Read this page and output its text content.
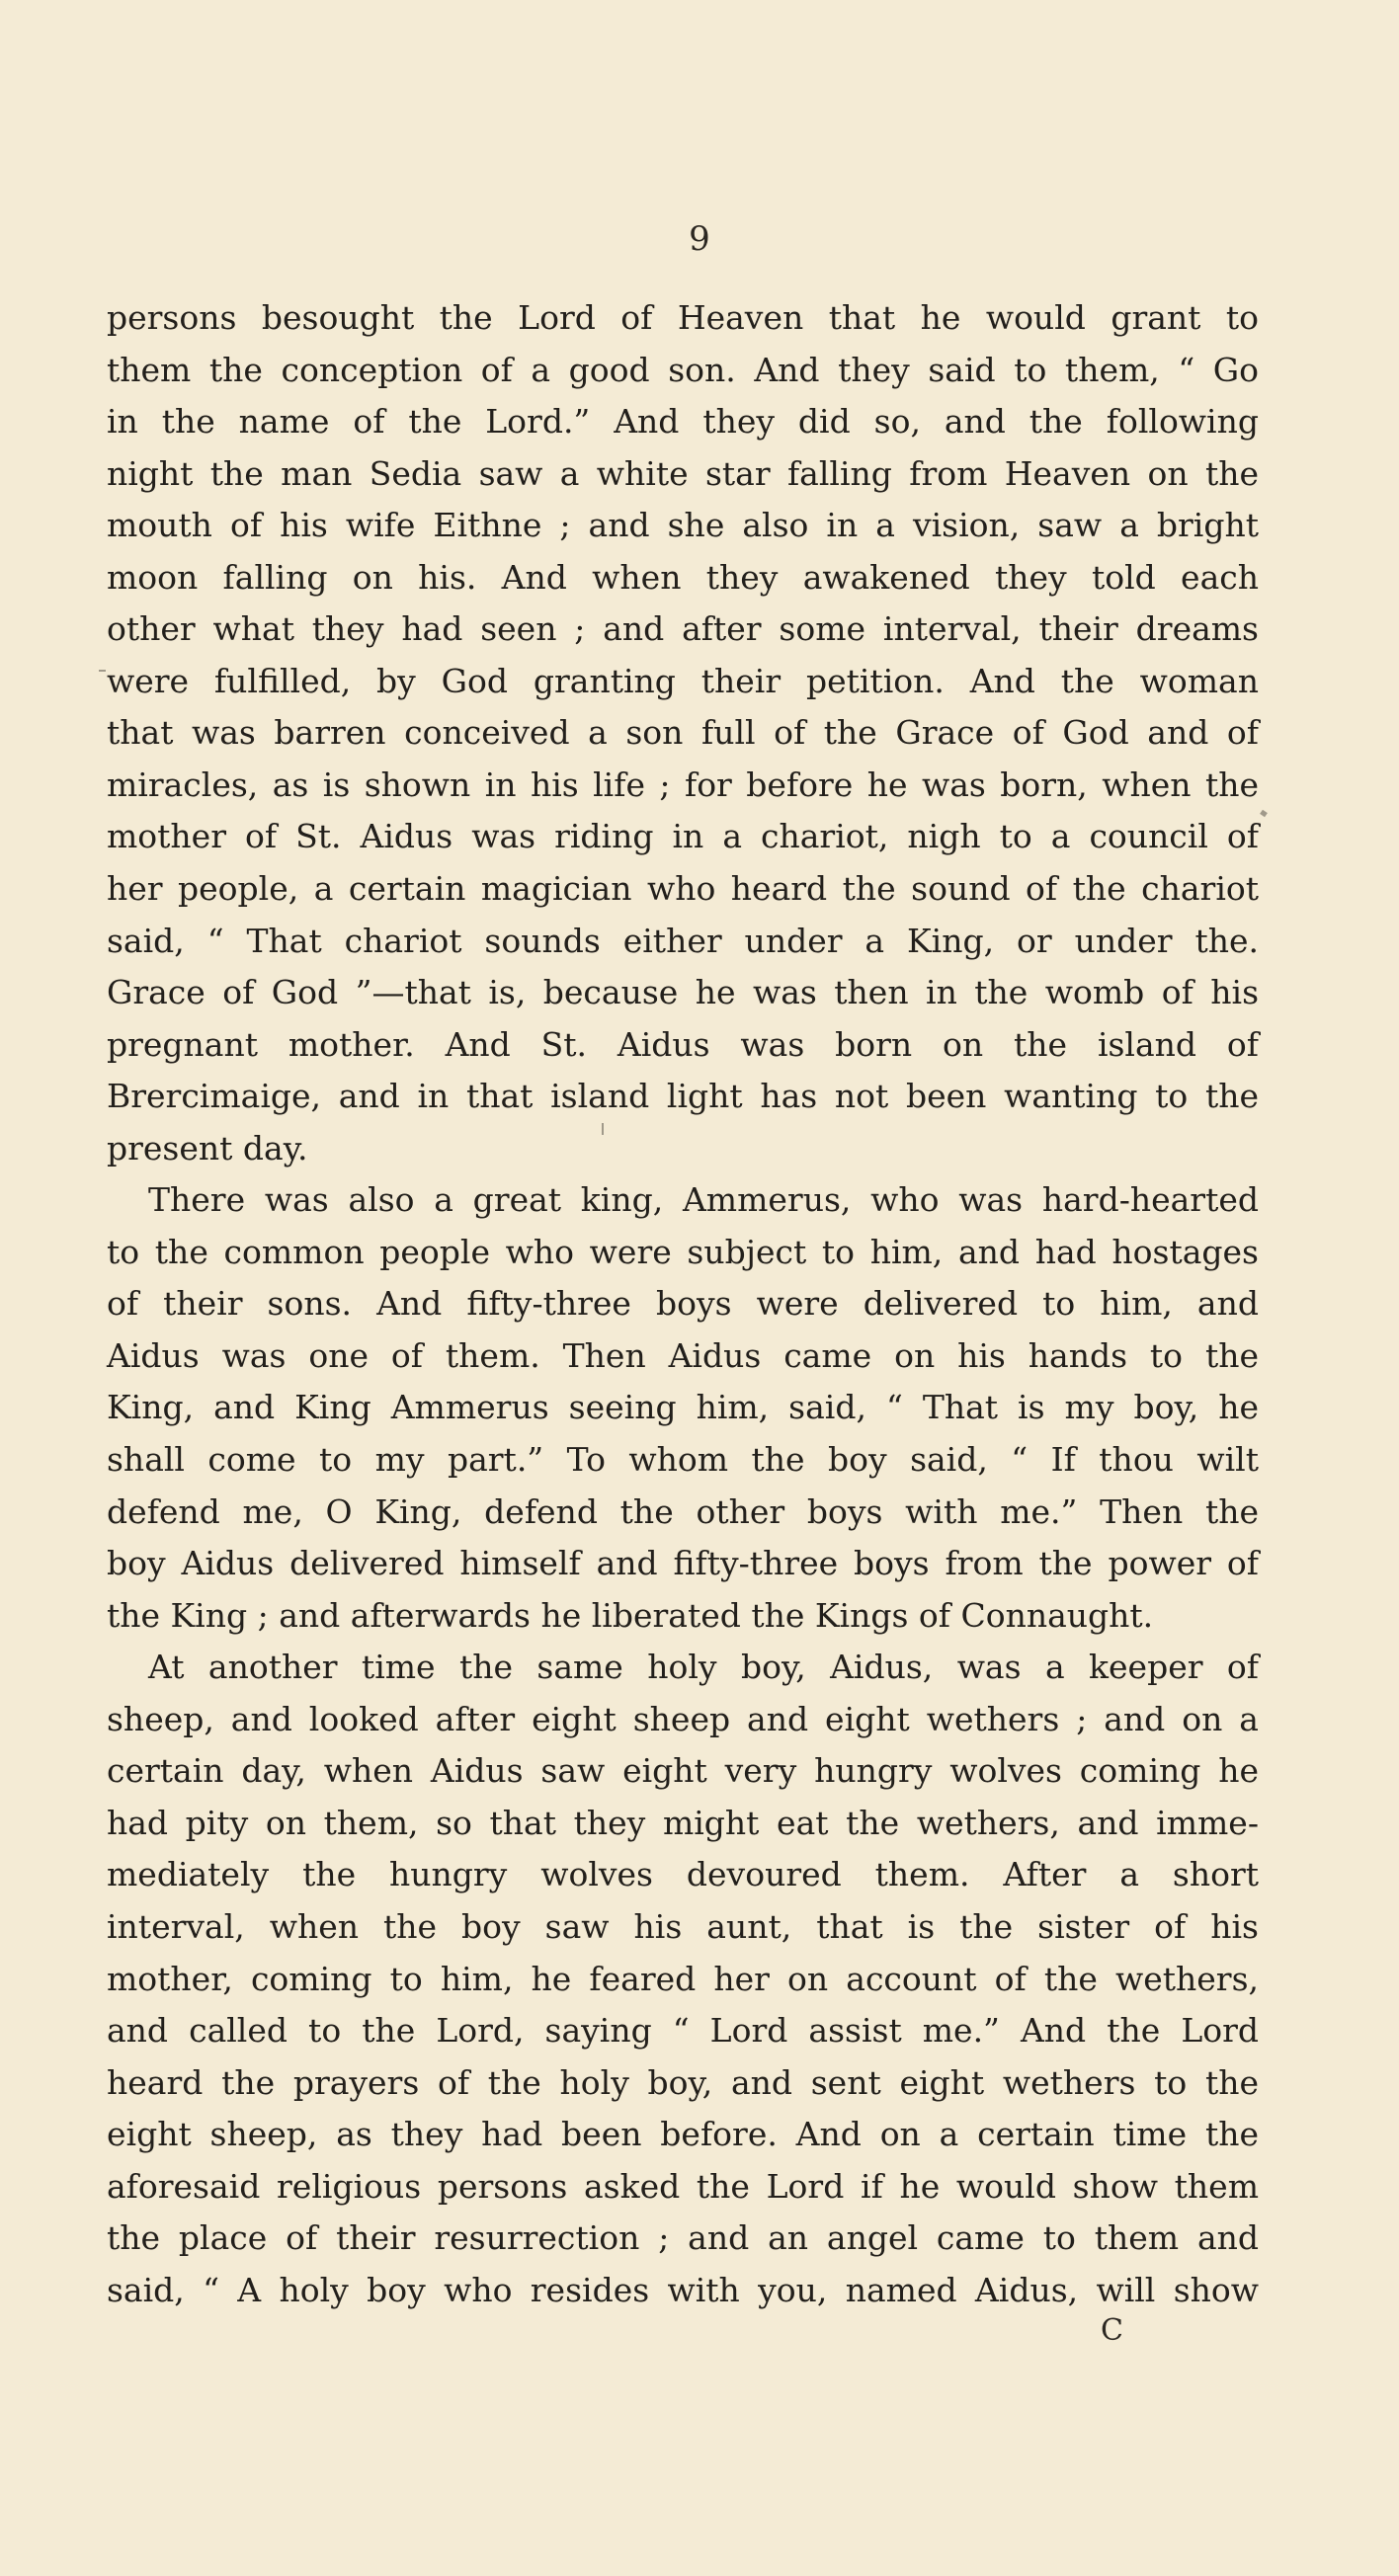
9
persons besought the Lord of Heaven that he would grant to
them the conception of a good son. And they said to them, “ Go
in the name of the Lord.” And they did so, and the following
night the man Sedia saw a white star falling from Heaven on the
mouth of his wife Eithne ; and she also in a vision, saw a bright
moon falling on his. And when they awakened they told each
other what they had seen ; and after some interval, their dreams
were fulfilled, by God granting their petition. And the woman
that was barren conceived a son full of the Grace of God and of
miracles, as is shown in his life ; for before he was born, when the
mother of St. Aidus was riding in a chariot, nigh to a council of
her people, a certain magician who heard the sound of the chariot
said, “ That chariot sounds either under a King, or under the.
Grace of God ”—that is, because he was then in the womb of his
pregnant mother. And St. Aidus was born on the island of
Brercimaige, and in that island light has not been wanting to the
present day.
There was also a great king, Ammerus, who was hard-hearted
to the common people who were subject to him, and had hostages
of their sons. And fifty-three boys were delivered to him, and
Aidus was one of them. Then Aidus came on his hands to the
King, and King Ammerus seeing him, said, “ That is my boy, he
shall come to my part.” To whom the boy said, “ If thou wilt
defend me, O King, defend the other boys with me.” Then the
boy Aidus delivered himself and fifty-three boys from the power of
the King ; and afterwards he liberated the Kings of Connaught.
At another time the same holy boy, Aidus, was a keeper of
sheep, and looked after eight sheep and eight wethers ; and on a
certain day, when Aidus saw eight very hungry wolves coming he
had pity on them, so that they might eat the wethers, and imme-
mediately the hungry wolves devoured them. After a short
interval, when the boy saw his aunt, that is the sister of his
mother, coming to him, he feared her on account of the wethers,
and called to the Lord, saying “ Lord assist me.” And the Lord
heard the prayers of the holy boy, and sent eight wethers to the
eight sheep, as they had been before. And on a certain time the
aforesaid religious persons asked the Lord if he would show them
the place of their resurrection ; and an angel came to them and
said, “ A holy boy who resides with you, named Aidus, will show
C
